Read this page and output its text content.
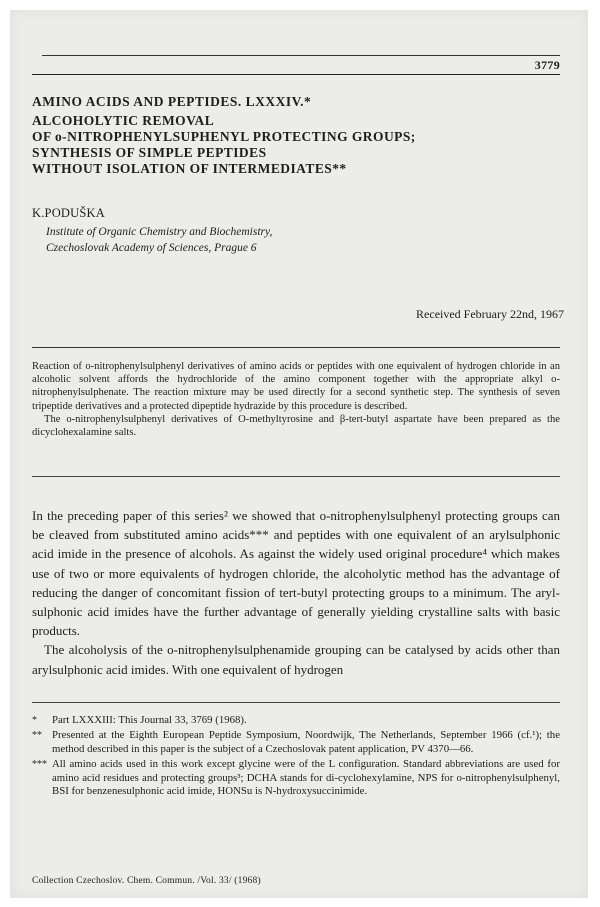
3779
AMINO ACIDS AND PEPTIDES. LXXXIV.*
ALCOHOLYTIC REMOVAL
OF o-NITROPHENYLSUPHENYL PROTECTING GROUPS;
SYNTHESIS OF SIMPLE PEPTIDES
WITHOUT ISOLATION OF INTERMEDIATES**
K.PODUŠKA
Institute of Organic Chemistry and Biochemistry,
Czechoslovak Academy of Sciences, Prague 6
Received February 22nd, 1967

Reaction of o-nitrophenylsulphenyl derivatives of amino acids or peptides with one equivalent of hydrogen chloride in an alcoholic solvent affords the hydrochloride of the amino component together with the appropriate alkyl o-nitrophenylsulphenate. The reaction mixture may be used directly for a second synthetic step. The synthesis of seven tripeptide derivatives and a protected dipeptide hydrazide by this procedure is described.

The o-nitrophenylsulphenyl derivatives of O-methyltyrosine and β-tert-butyl aspartate have been prepared as the dicyclohexalamine salts.

In the preceding paper of this series² we showed that o-nitrophenylsulphenyl protecting groups can be cleaved from substituted amino acids*** and peptides with one equivalent of an arylsulphonic acid imide in the presence of alcohols. As against the widely used original procedure⁴ which makes use of two or more equivalents of hydrogen chloride, the alcoholytic method has the advantage of reducing the danger of concomitant fission of tert-butyl protecting groups to a minimum. The aryl-sulphonic acid imides have the further advantage of generally yielding crystalline salts with basic products.

The alcoholysis of the o-nitrophenylsulphenamide grouping can be catalysed by acids other than arylsulphonic acid imides. With one equivalent of hydrogen

*	Part LXXXIII: This Journal 33, 3769 (1968).
** Presented at the Eighth European Peptide Symposium, Noordwijk, The Netherlands, September 1966 (cf.¹); the method described in this paper is the subject of a Czechoslovak patent application, PV 4370—66.
*** All amino acids used in this work except glycine were of the L configuration. Standard abbreviations are used for amino acid residues and protecting groups³; DCHA stands for di-cyclohexylamine, NPS for o-nitrophenylsulphenyl, BSI for benzenesulphonic acid imide, HONSu is N-hydroxysuccinimide.
Collection Czechoslov. Chem. Commun. /Vol. 33/ (1968)
